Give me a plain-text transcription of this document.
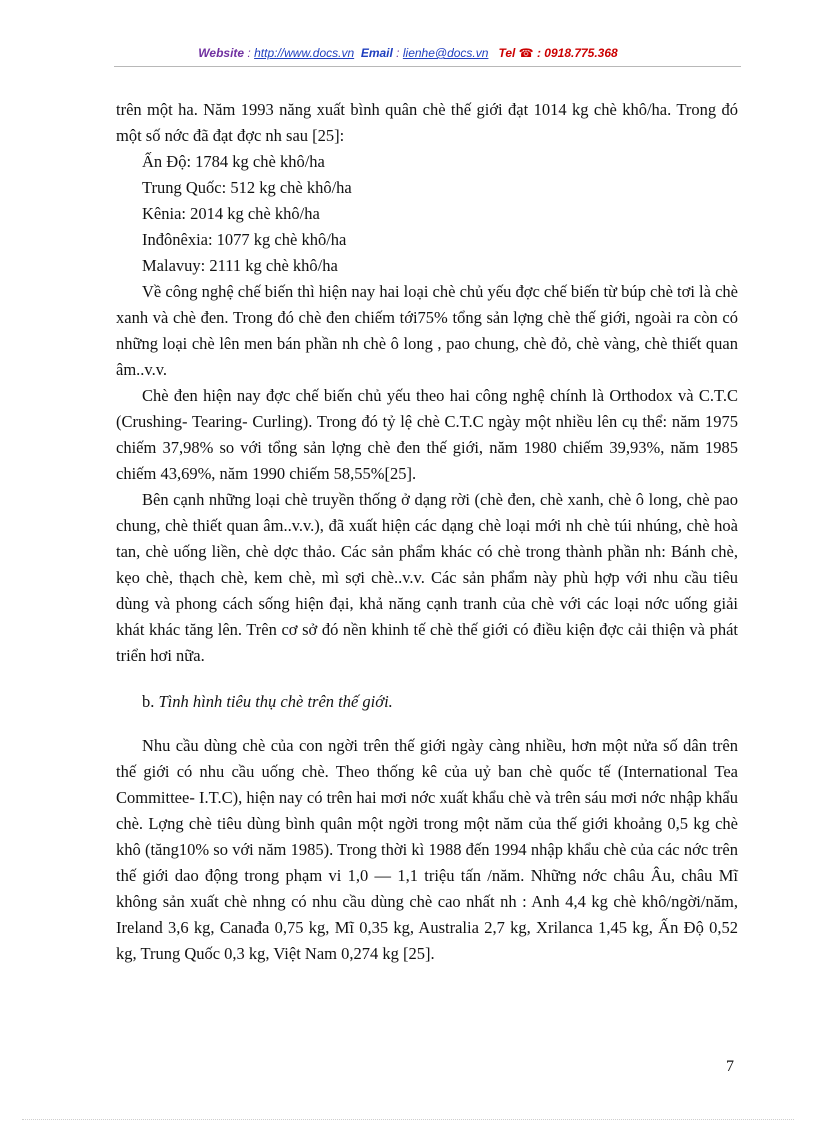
Website : http://www.docs.vn Email : lienhe@docs.vn Tel ☎ : 0918.775.368

trên một ha. Năm 1993 năng xuất bình quân chè thế giới đạt 1014 kg chè khô/ha. Trong đó một số nớc đã đạt đợc nh sau [25]:

Ấn Độ: 1784 kg chè khô/ha

Trung Quốc: 512 kg chè khô/ha

Kênia: 2014 kg chè khô/ha

Inđônêxia: 1077 kg chè khô/ha

Malavuy: 2111 kg chè khô/ha

Về công nghệ chế biến thì hiện nay hai loại chè chủ yếu đợc chế biến từ búp chè tơi là chè xanh và chè đen. Trong đó chè đen chiếm tới75% tổng sản lợng chè thế giới, ngoài ra còn có những loại chè lên men bán phần nh chè ô long , pao chung, chè đỏ, chè vàng, chè thiết quan âm..v.v.

Chè đen hiện nay đợc chế biến chủ yếu theo hai công nghệ chính là Orthodox và C.T.C (Crushing- Tearing- Curling). Trong đó tỷ lệ chè C.T.C ngày một nhiều lên cụ thể: năm 1975 chiếm 37,98% so với tổng sản lợng chè đen thế giới, năm 1980 chiếm 39,93%, năm 1985 chiếm 43,69%, năm 1990 chiếm 58,55%[25].

Bên cạnh những loại chè truyền thống ở dạng rời (chè đen, chè xanh, chè ô long, chè pao chung, chè thiết quan âm..v.v.), đã xuất hiện các dạng chè loại mới nh chè túi nhúng, chè hoà tan, chè uống liền, chè dợc thảo. Các sản phẩm khác có chè trong thành phần nh: Bánh chè, kẹo chè, thạch chè, kem chè, mì sợi chè..v.v. Các sản phẩm này phù hợp với nhu cầu tiêu dùng và phong cách sống hiện đại, khả năng cạnh tranh của chè với các loại nớc uống giải khát khác tăng lên. Trên cơ sở đó nền khinh tế chè thế giới có điều kiện đợc cải thiện và phát triển hơi nữa.

b. Tình hình tiêu thụ chè trên thế giới.

Nhu cầu dùng chè của con ngời trên thế giới ngày càng nhiều, hơn một nửa số dân trên thế giới có nhu cầu uống chè. Theo thống kê của uỷ ban chè quốc tế (International Tea Committee- I.T.C), hiện nay có trên hai mơi nớc xuất khẩu chè và trên sáu mơi nớc nhập khẩu chè. Lợng chè tiêu dùng bình quân một ngời trong một năm của thế giới khoảng 0,5 kg chè khô (tăng10% so với năm 1985). Trong thời kì 1988 đến 1994 nhập khẩu chè của các nớc trên thế giới dao động trong phạm vi 1,0 — 1,1 triệu tấn /năm. Những nớc châu Âu, châu Mĩ không sản xuất chè nhng có nhu cầu dùng chè cao nhất nh : Anh 4,4 kg chè khô/ngời/năm, Ireland 3,6 kg, Canađa 0,75 kg, Mĩ 0,35 kg, Australia 2,7 kg, Xrilanca 1,45 kg, Ấn Độ 0,52 kg, Trung Quốc 0,3 kg, Việt Nam 0,274 kg [25].

7
